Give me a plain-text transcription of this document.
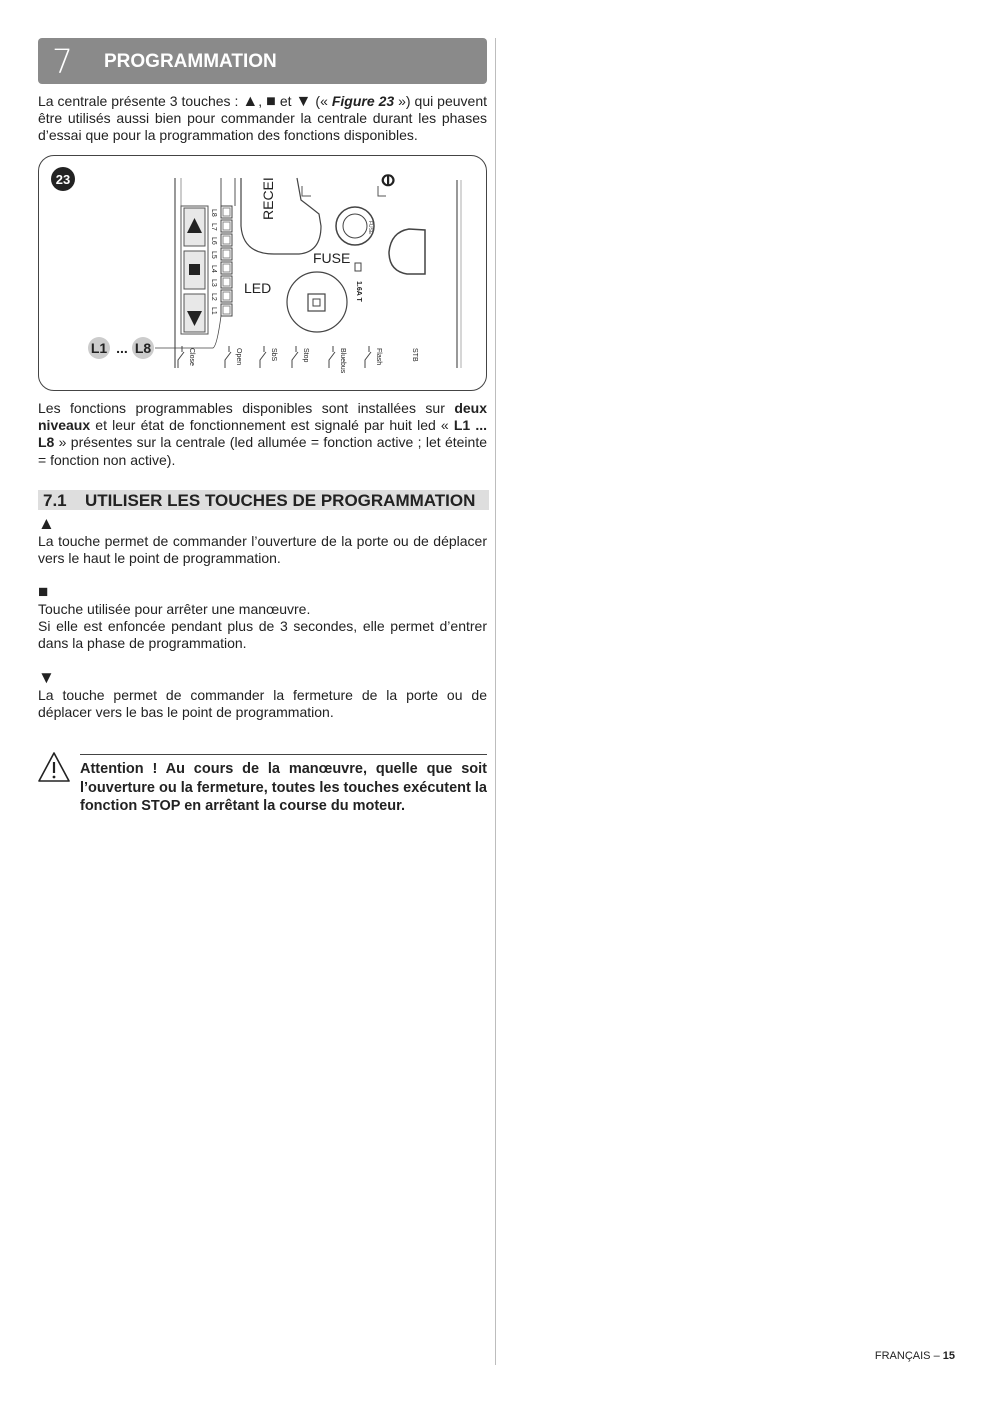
7 PROGRAMMATION

La centrale présente 3 touches : ▲, ■ et ▼ (« Figure 23 ») qui peuvent être utilisés aussi bien pour commander la centrale durant les phases d’essai que pour la programmation des fonctions disponibles.

23
L8
L7
L6
L5
L4
L3
L2
L1
RECEI
FUSE
FUSE
1.6A T
ⵀ
LED
Close	Open	SbS	Stop	Bluebus	Flash	STB
L1 ... L8

Les fonctions programmables disponibles sont installées sur deux niveaux et leur état de fonctionnement est signalé par huit led « L1 ... L8 » présentes sur la centrale (led allumée = fonction active ; let éteinte = fonction non active).

7.1 UTILISER LES TOUCHES DE PROGRAMMATION
▲

La touche permet de commander l’ouverture de la porte ou de déplacer vers le haut le point de programmation.

■

Touche utilisée pour arrêter une manœuvre.

Si elle est enfoncée pendant plus de 3 secondes, elle permet d’entrer dans la phase de programmation.

▼

La touche permet de commander la fermeture de la porte ou de déplacer vers le bas le point de programmation.

Attention ! Au cours de la manœuvre, quelle que soit l’ouverture ou la fermeture, toutes les touches exécutent la fonction STOP en arrêtant la course du moteur.

FRANÇAIS – 15
